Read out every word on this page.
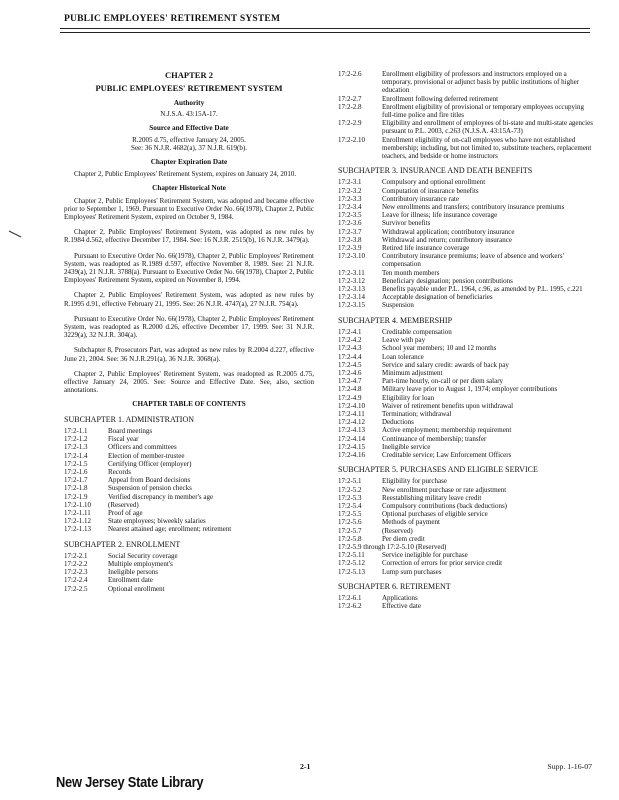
PUBLIC EMPLOYEES' RETIREMENT SYSTEM
CHAPTER 2
PUBLIC EMPLOYEES' RETIREMENT SYSTEM
Authority
N.J.S.A. 43:15A-17.
Source and Effective Date
R.2005 d.75, effective January 24, 2005.
See: 36 N.J.R. 4682(a), 37 N.J.R. 619(b).
Chapter Expiration Date

Chapter 2, Public Employees' Retirement System, expires on January 24, 2010.

Chapter Historical Note

Chapter 2, Public Employees' Retirement System, was adopted and became effective prior to September 1, 1969. Pursuant to Executive Order No. 66(1978), Chapter 2, Public Employees' Retirement System, expired on October 9, 1984.

Chapter 2, Public Employees' Retirement System, was adopted as new rules by R.1984 d.562, effective December 17, 1984. See: 16 N.J.R. 2515(b), 16 N.J.R. 3479(a).

Pursuant to Executive Order No. 66(1978), Chapter 2, Public Employees' Retirement System, was readopted as R.1989 d.597, effective November 8, 1989. See: 21 N.J.R. 2439(a), 21 N.J.R. 3788(a). Pursuant to Executive Order No. 66(1978), Chapter 2, Public Employees' Retirement System, expired on November 8, 1994.

Chapter 2, Public Employees' Retirement System, was adopted as new rules by R.1995 d.91, effective February 21, 1995. See: 26 N.J.R. 4747(a), 27 N.J.R. 754(a).

Pursuant to Executive Order No. 66(1978), Chapter 2, Public Employees' Retirement System, was readopted as R.2000 d.26, effective December 17, 1999. See: 31 N.J.R. 3229(a), 32 N.J.R. 304(a).

Subchapter 8, Prosecutors Part, was adopted as new rules by R.2004 d.227, effective June 21, 2004. See: 36 N.J.R.291(a), 36 N.J.R. 3068(a).

Chapter 2, Public Employees' Retirement System, was readopted as R.2005 d.75, effective January 24, 2005. See: Source and Effective Date. See, also, section annotations.

CHAPTER TABLE OF CONTENTS
SUBCHAPTER 1. ADMINISTRATION
17:2-1.1	Board meetings
17:2-1.2	Fiscal year
17:2-1.3	Officers and committees
17:2-1.4	Election of member-trustee
17:2-1.5	Certifying Officer (employer)
17:2-1.6	Records
17:2-1.7	Appeal from Board decisions
17:2-1.8	Suspension of pension checks
17:2-1.9	Verified discrepancy in member's age
17:2-1.10	(Reserved)
17:2-1.11	Proof of age
17:2-1.12	State employees; biweekly salaries
17:2-1.13	Nearest attained age; enrollment; retirement
SUBCHAPTER 2. ENROLLMENT
17:2-2.1	Social Security coverage
17:2-2.2	Multiple employment's
17:2-2.3	Ineligible persons
17:2-2.4	Enrollment date
17:2-2.5	Optional enrollment
17:2-2.6	Enrollment eligibility of professors and instructors employed on a temporary, provisional or adjunct basis by public institutions of higher education
17:2-2.7	Enrollment following deferred retirement
17:2-2.8	Enrollment eligibility of provisional or temporary employees occupying full-time police and fire titles
17:2-2.9	Eligibility and enrollment of employees of bi-state and multi-state agencies pursuant to P.L. 2003, c.263 (N.J.S.A. 43:15A-73)
17:2-2.10	Enrollment eligibility of on-call employees who have not established membership; including, but not limited to, substitute teachers, replacement teachers, and bedside or home instructors
SUBCHAPTER 3. INSURANCE AND DEATH BENEFITS
17:2-3.1	Compulsory and optional enrollment
17:2-3.2	Computation of insurance benefits
17:2-3.3	Contributory insurance rate
17:2-3.4	New enrollments and transfers; contributory insurance premiums
17:2-3.5	Leave for illness; life insurance coverage
17:2-3.6	Survivor benefits
17:2-3.7	Withdrawal application; contributory insurance
17:2-3.8	Withdrawal and return; contributory insurance
17:2-3.9	Retired life insurance coverage
17:2-3.10	Contributory insurance premiums; leave of absence and workers' compensation
17:2-3.11	Ten month members
17:2-3.12	Beneficiary designation; pension contributions
17:2-3.13	Benefits payable under P.L. 1964, c.96, as amended by P.L. 1995, c.221
17:2-3.14	Acceptable designation of beneficiaries
17:2-3.15	Suspension
SUBCHAPTER 4. MEMBERSHIP
17:2-4.1	Creditable compensation
17:2-4.2	Leave with pay
17:2-4.3	School year members; 10 and 12 months
17:2-4.4	Loan tolerance
17:2-4.5	Service and salary credit: awards of back pay
17:2-4.6	Minimum adjustment
17:2-4.7	Part-time hourly, on-call or per diem salary
17:2-4.8	Military leave prior to August 1, 1974; employer contributions
17:2-4.9	Eligibility for loan
17:2-4.10	Waiver of retirement benefits upon withdrawal
17:2-4.11	Termination; withdrawal
17:2-4.12	Deductions
17:2-4.13	Active employment; membership requirement
17:2-4.14	Continuance of membership; transfer
17:2-4.15	Ineligible service
17:2-4.16	Creditable service; Law Enforcement Officers
SUBCHAPTER 5. PURCHASES AND ELIGIBLE SERVICE
17:2-5.1	Eligibility for purchase
17:2-5.2	New enrollment purchase or rate adjustment
17:2-5.3	Reestablishing military leave credit
17:2-5.4	Compulsory contributions (back deductions)
17:2-5.5	Optional purchases of eligible service
17:2-5.6	Methods of payment
17:2-5.7	(Reserved)
17:2-5.8	Per diem credit
17:2-5.9 through 17:2-5.10 (Reserved)
17:2-5.11	Service ineligible for purchase
17:2-5.12	Correction of errors for prior service credit
17:2-5.13	Lump sum purchases
SUBCHAPTER 6. RETIREMENT
17:2-6.1	Applications
17:2-6.2	Effective date
2-1	Supp. 1-16-07
New Jersey State Library
